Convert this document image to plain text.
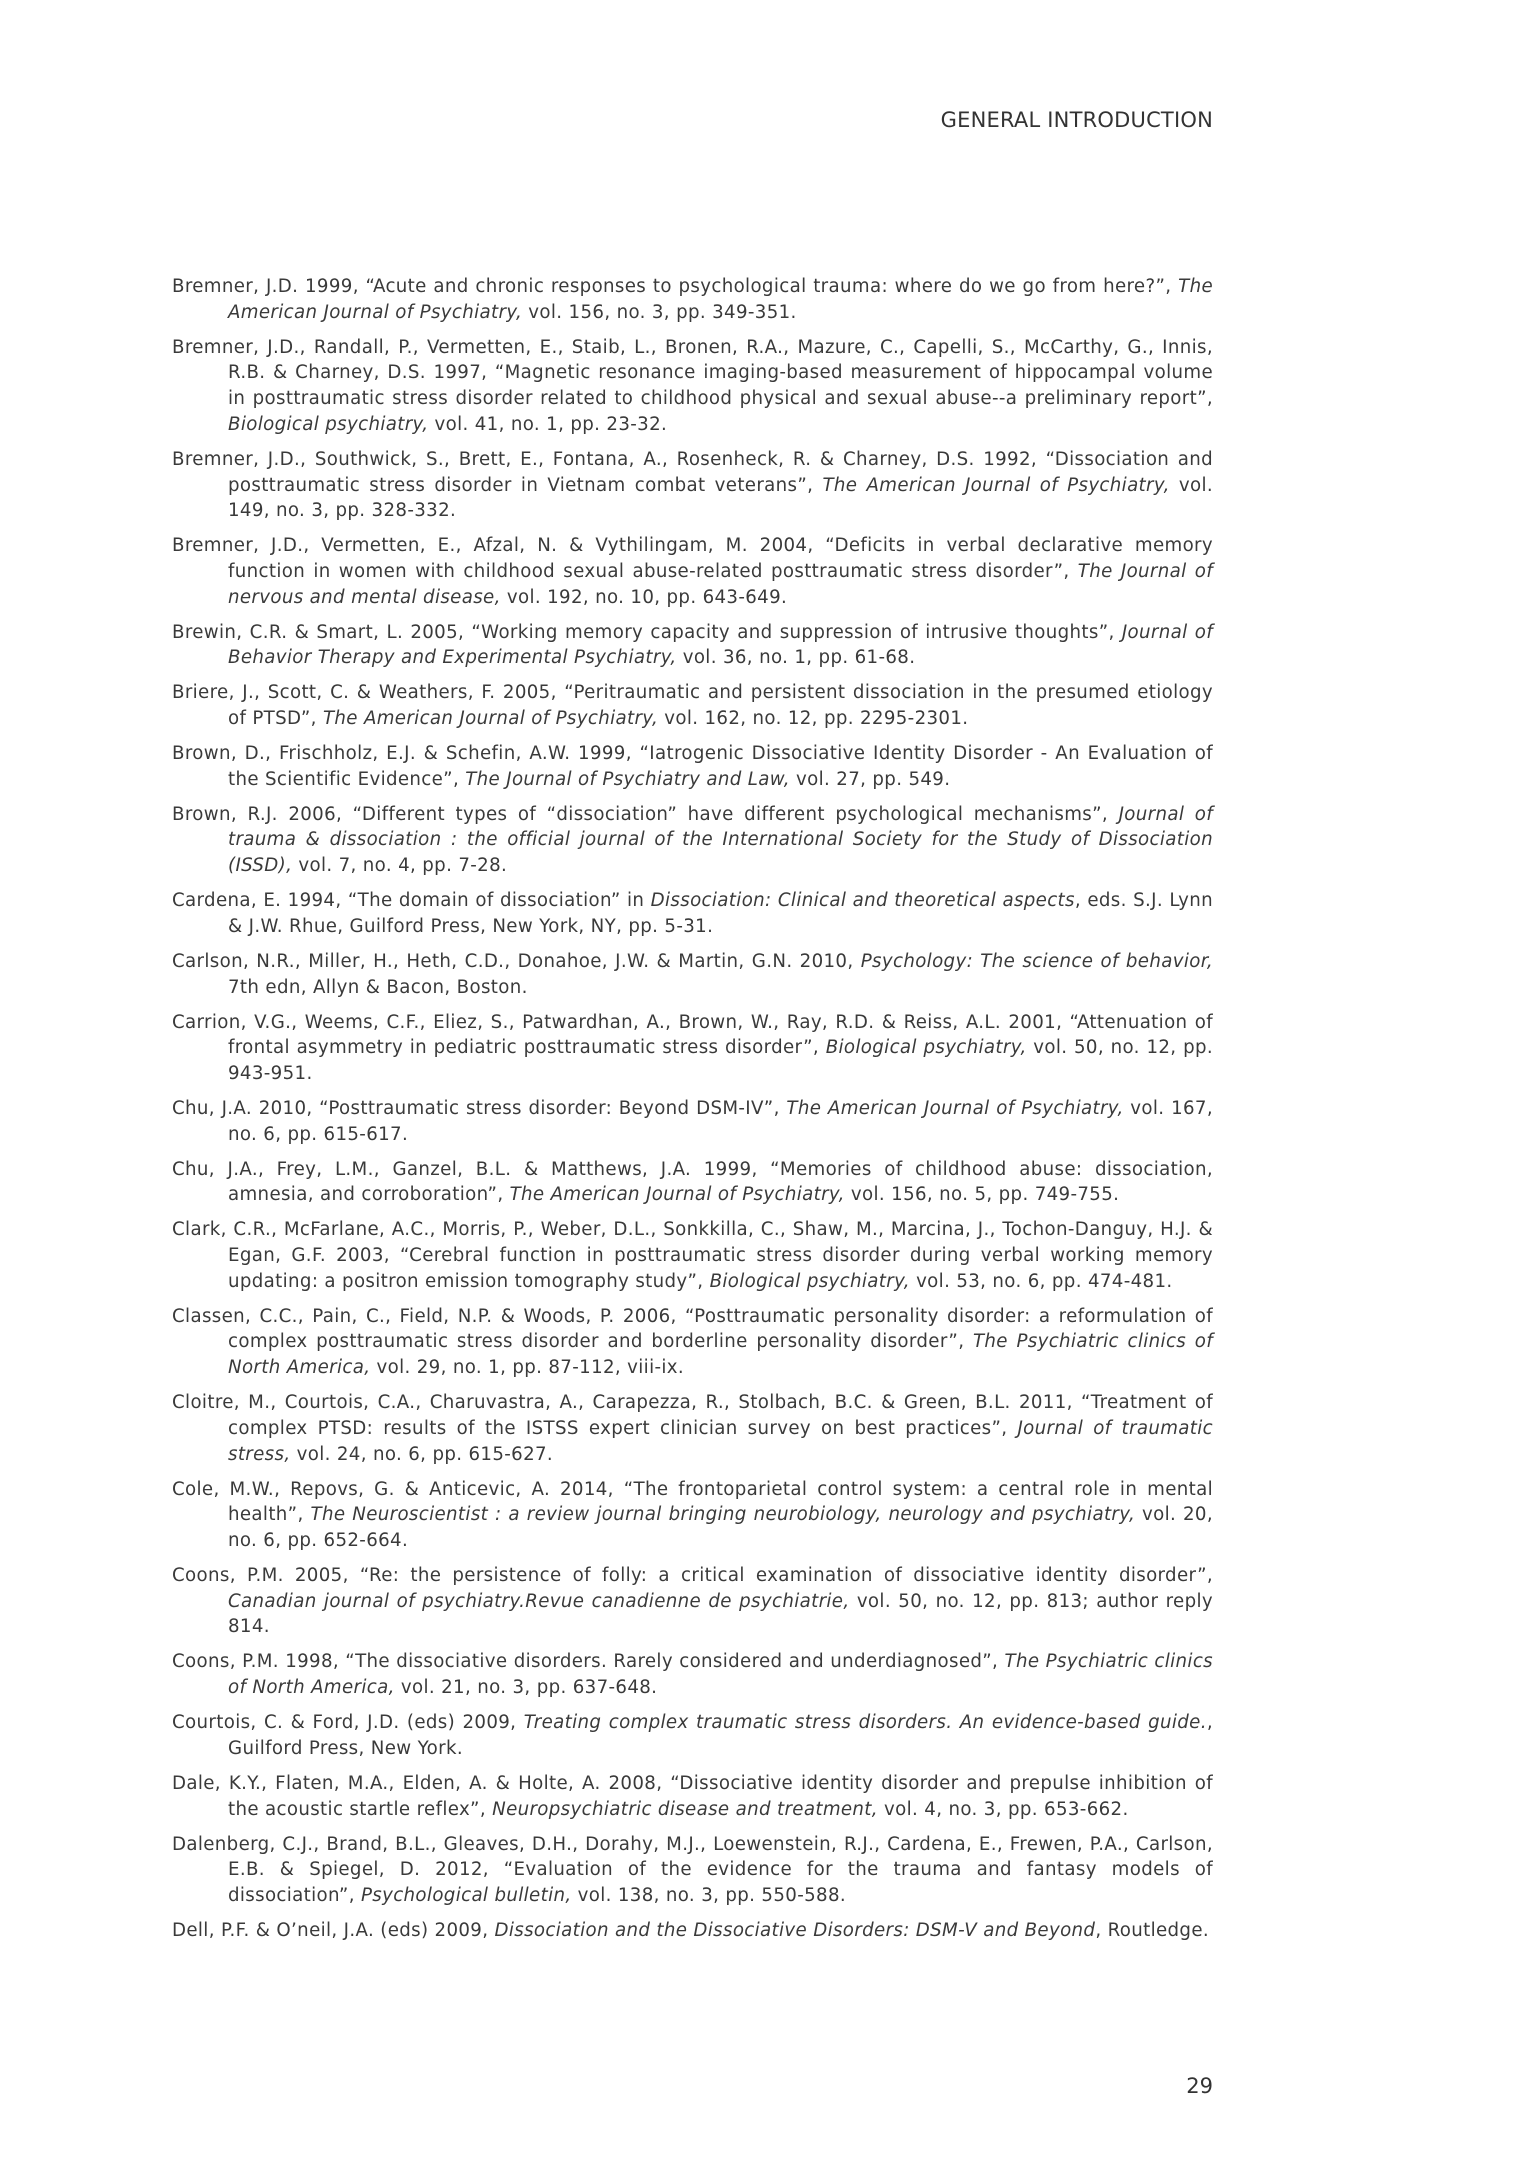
GENERAL INTRODUCTION

Bremner, J.D. 1999, “Acute and chronic responses to psychological trauma: where do we go from here?”, The American Journal of Psychiatry, vol. 156, no. 3, pp. 349-351.

Bremner, J.D., Randall, P., Vermetten, E., Staib, L., Bronen, R.A., Mazure, C., Capelli, S., McCarthy, G., Innis, R.B. & Charney, D.S. 1997, “Magnetic resonance imaging-based measurement of hippocampal volume in posttraumatic stress disorder related to childhood physical and sexual abuse--a preliminary report”, Biological psychiatry, vol. 41, no. 1, pp. 23-32.

Bremner, J.D., Southwick, S., Brett, E., Fontana, A., Rosenheck, R. & Charney, D.S. 1992, “Dissociation and posttraumatic stress disorder in Vietnam combat veterans”, The American Journal of Psychiatry, vol. 149, no. 3, pp. 328-332.

Bremner, J.D., Vermetten, E., Afzal, N. & Vythilingam, M. 2004, “Deficits in verbal declarative memory function in women with childhood sexual abuse-related posttraumatic stress disorder”, The Journal of nervous and mental disease, vol. 192, no. 10, pp. 643-649.

Brewin, C.R. & Smart, L. 2005, “Working memory capacity and suppression of intrusive thoughts”, Journal of Behavior Therapy and Experimental Psychiatry, vol. 36, no. 1, pp. 61-68.

Briere, J., Scott, C. & Weathers, F. 2005, “Peritraumatic and persistent dissociation in the presumed etiology of PTSD”, The American Journal of Psychiatry, vol. 162, no. 12, pp. 2295-2301.

Brown, D., Frischholz, E.J. & Schefin, A.W. 1999, “Iatrogenic Dissociative Identity Disorder - An Evaluation of the Scientific Evidence”, The Journal of Psychiatry and Law, vol. 27, pp. 549.

Brown, R.J. 2006, “Different types of “dissociation” have different psychological mechanisms”, Journal of trauma & dissociation : the official journal of the International Society for the Study of Dissociation (ISSD), vol. 7, no. 4, pp. 7-28.

Cardena, E. 1994, “The domain of dissociation” in Dissociation: Clinical and theoretical aspects, eds. S.J. Lynn & J.W. Rhue, Guilford Press, New York, NY, pp. 5-31.

Carlson, N.R., Miller, H., Heth, C.D., Donahoe, J.W. & Martin, G.N. 2010, Psychology: The science of behavior, 7th edn, Allyn & Bacon, Boston.

Carrion, V.G., Weems, C.F., Eliez, S., Patwardhan, A., Brown, W., Ray, R.D. & Reiss, A.L. 2001, “Attenuation of frontal asymmetry in pediatric posttraumatic stress disorder”, Biological psychiatry, vol. 50, no. 12, pp. 943-951.

Chu, J.A. 2010, “Posttraumatic stress disorder: Beyond DSM-IV”, The American Journal of Psychiatry, vol. 167, no. 6, pp. 615-617.

Chu, J.A., Frey, L.M., Ganzel, B.L. & Matthews, J.A. 1999, “Memories of childhood abuse: dissociation, amnesia, and corroboration”, The American Journal of Psychiatry, vol. 156, no. 5, pp. 749-755.

Clark, C.R., McFarlane, A.C., Morris, P., Weber, D.L., Sonkkilla, C., Shaw, M., Marcina, J., Tochon-Danguy, H.J. & Egan, G.F. 2003, “Cerebral function in posttraumatic stress disorder during verbal working memory updating: a positron emission tomography study”, Biological psychiatry, vol. 53, no. 6, pp. 474-481.

Classen, C.C., Pain, C., Field, N.P. & Woods, P. 2006, “Posttraumatic personality disorder: a reformulation of complex posttraumatic stress disorder and borderline personality disorder”, The Psychiatric clinics of North America, vol. 29, no. 1, pp. 87-112, viii-ix.

Cloitre, M., Courtois, C.A., Charuvastra, A., Carapezza, R., Stolbach, B.C. & Green, B.L. 2011, “Treatment of complex PTSD: results of the ISTSS expert clinician survey on best practices”, Journal of traumatic stress, vol. 24, no. 6, pp. 615-627.

Cole, M.W., Repovs, G. & Anticevic, A. 2014, “The frontoparietal control system: a central role in mental health”, The Neuroscientist : a review journal bringing neurobiology, neurology and psychiatry, vol. 20, no. 6, pp. 652-664.

Coons, P.M. 2005, “Re: the persistence of folly: a critical examination of dissociative identity disorder”, Canadian journal of psychiatry.Revue canadienne de psychiatrie, vol. 50, no. 12, pp. 813; author reply 814.

Coons, P.M. 1998, “The dissociative disorders. Rarely considered and underdiagnosed”, The Psychiatric clinics of North America, vol. 21, no. 3, pp. 637-648.

Courtois, C. & Ford, J.D. (eds) 2009, Treating complex traumatic stress disorders. An evidence-based guide., Guilford Press, New York.

Dale, K.Y., Flaten, M.A., Elden, A. & Holte, A. 2008, “Dissociative identity disorder and prepulse inhibition of the acoustic startle reflex”, Neuropsychiatric disease and treatment, vol. 4, no. 3, pp. 653-662.

Dalenberg, C.J., Brand, B.L., Gleaves, D.H., Dorahy, M.J., Loewenstein, R.J., Cardena, E., Frewen, P.A., Carlson, E.B. & Spiegel, D. 2012, “Evaluation of the evidence for the trauma and fantasy models of dissociation”, Psychological bulletin, vol. 138, no. 3, pp. 550-588.

Dell, P.F. & O’neil, J.A. (eds) 2009, Dissociation and the Dissociative Disorders: DSM-V and Beyond, Routledge.

29
